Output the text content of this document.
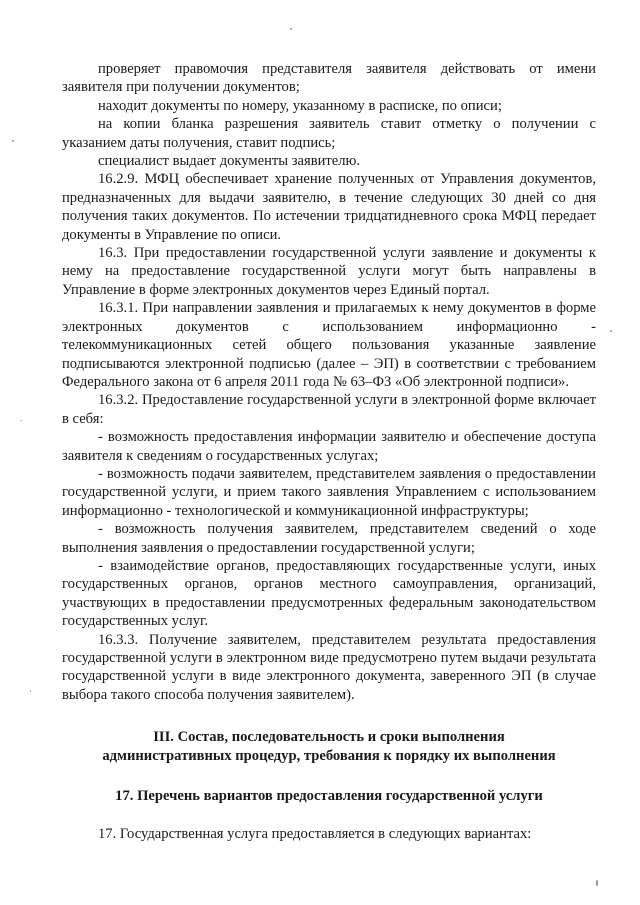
проверяет правомочия представителя заявителя действовать от имени заявителя при получении документов;

находит документы по номеру, указанному в расписке, по описи;

на копии бланка разрешения заявитель ставит отметку о получении с указанием даты получения, ставит подпись;

специалист выдает документы заявителю.

16.2.9. МФЦ обеспечивает хранение полученных от Управления документов, предназначенных для выдачи заявителю, в течение следующих 30 дней со дня получения таких документов. По истечении тридцатидневного срока МФЦ передает документы в Управление по описи.

16.3. При предоставлении государственной услуги заявление и документы к нему на предоставление государственной услуги могут быть направлены в Управление в форме электронных документов через Единый портал.

16.3.1. При направлении заявления и прилагаемых к нему документов в форме электронных документов с использованием информационно - телекоммуникационных сетей общего пользования указанные заявление подписываются электронной подписью (далее – ЭП) в соответствии с требованием Федерального закона от 6 апреля 2011 года № 63–ФЗ «Об электронной подписи».

16.3.2. Предоставление государственной услуги в электронной форме включает в себя:

- возможность предоставления информации заявителю и обеспечение доступа заявителя к сведениям о государственных услугах;

- возможность подачи заявителем, представителем заявления о предоставлении государственной услуги, и прием такого заявления Управлением с использованием информационно - технологической и коммуникационной инфраструктуры;

- возможность получения заявителем, представителем сведений о ходе выполнения заявления о предоставлении государственной услуги;

- взаимодействие органов, предоставляющих государственные услуги, иных государственных органов, органов местного самоуправления, организаций, участвующих в предоставлении предусмотренных федеральным законодательством государственных услуг.

16.3.3. Получение заявителем, представителем результата предоставления государственной услуги в электронном виде предусмотрено путем выдачи результата государственной услуги в виде электронного документа, заверенного ЭП (в случае выбора такого способа получения заявителем).

III. Состав, последовательность и сроки выполнения
административных процедур, требования к порядку их выполнения
17. Перечень вариантов предоставления государственной услуги

17. Государственная услуга предоставляется в следующих вариантах:
